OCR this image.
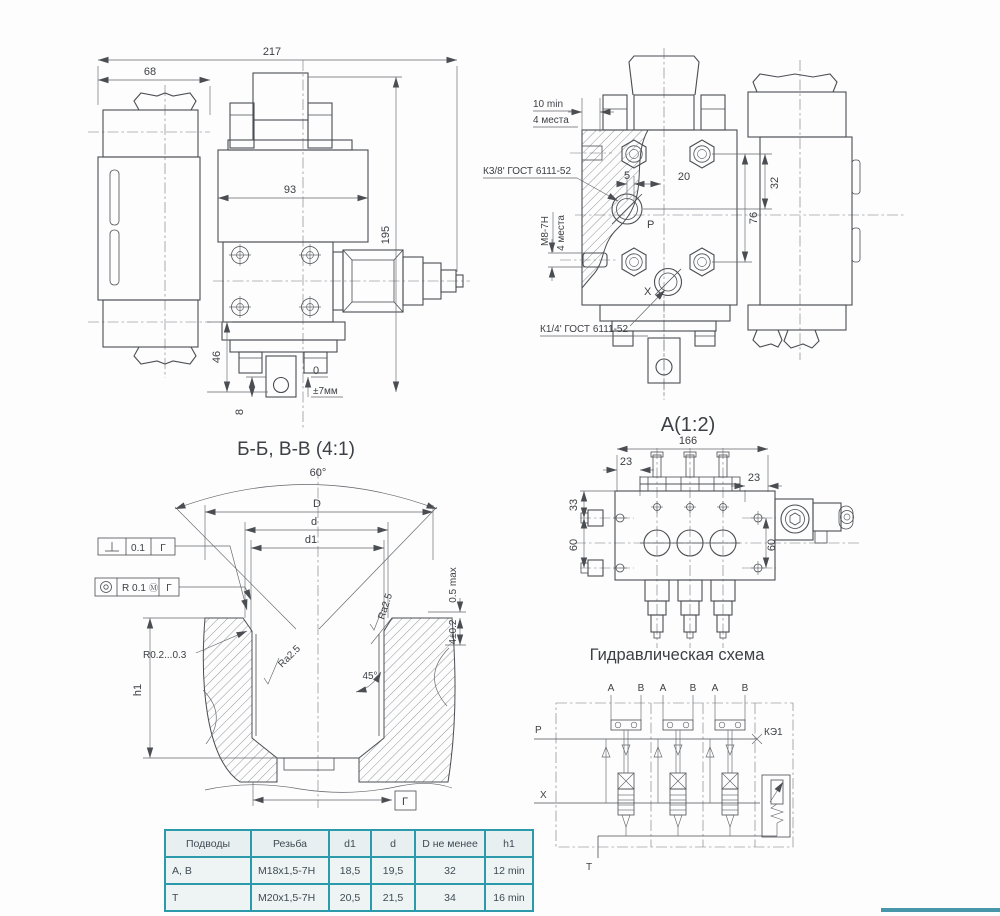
217
68
93
195
46
8
0
±7мм
P
X
10 min
4 места
К3/8' ГОСТ 6111-52
М8-7Н 4 места
К1/4' ГОСТ 6111-52
5	20	32
76
Б-Б, В-В (4:1)
60°
D
d
d1
0.5 max
4±0.2
h1
R0.2...0.3
0.1 Г
R 0.1 Ⓜ Г
Ra2.5
Ra2.5
45°
Г
А(1:2)
166
23
23
33
60	60
Гидравлическая схема
A B A B A B
P	КЭ1
X
T
Подводы	Резьба	d1	d	D не менее	h1
A, B	М18х1,5-7Н	18,5	19,5	32	12 min
Т	М20х1,5-7Н	20,5	21,5	34	16 min
